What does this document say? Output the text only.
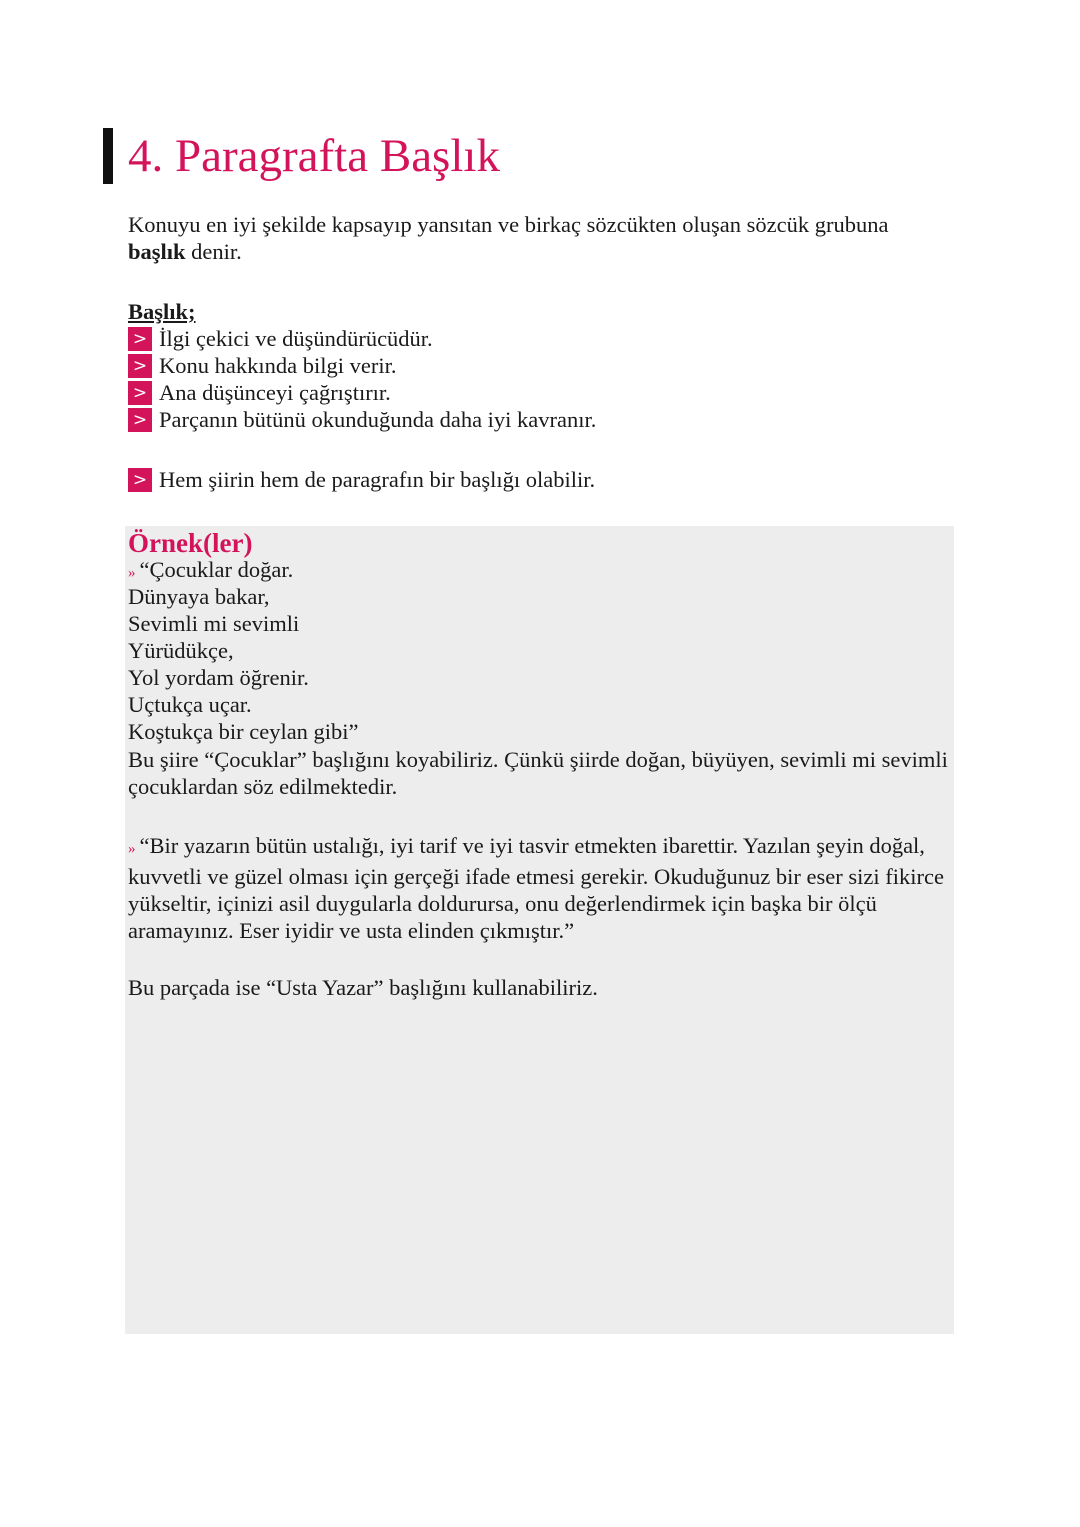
4. Paragrafta Başlık

Konuyu en iyi şekilde kapsayıp yansıtan ve birkaç sözcükten oluşan sözcük grubuna başlık denir.

Başlık;

> İlgi çekici ve düşündürücüdür.
> Konu hakkında bilgi verir.
> Ana düşünceyi çağrıştırır.
> Parçanın bütünü okunduğunda daha iyi kavranır.

> Hem şiirin hem de paragrafın bir başlığı olabilir.

Örnek(ler)
» “Çocuklar doğar.
Dünyaya bakar,
Sevimli mi sevimli
Yürüdükçe,
Yol yordam öğrenir.
Uçtukça uçar.
Koştukça bir ceylan gibi”

Bu şiire “Çocuklar” başlığını koyabiliriz. Çünkü şiirde doğan, büyüyen, sevimli mi sevimli çocuklardan söz edilmektedir.

» “Bir yazarın bütün ustalığı, iyi tarif ve iyi tasvir etmekten ibarettir. Yazılan şeyin doğal, kuvvetli ve güzel olması için gerçeği ifade etmesi gerekir. Okuduğunuz bir eser sizi fikirce yükseltir, içinizi asil duygularla doldurursa, onu değerlendirmek için başka bir ölçü aramayınız. Eser iyidir ve usta elinden çıkmıştır.”

Bu parçada ise “Usta Yazar” başlığını kullanabiliriz.
